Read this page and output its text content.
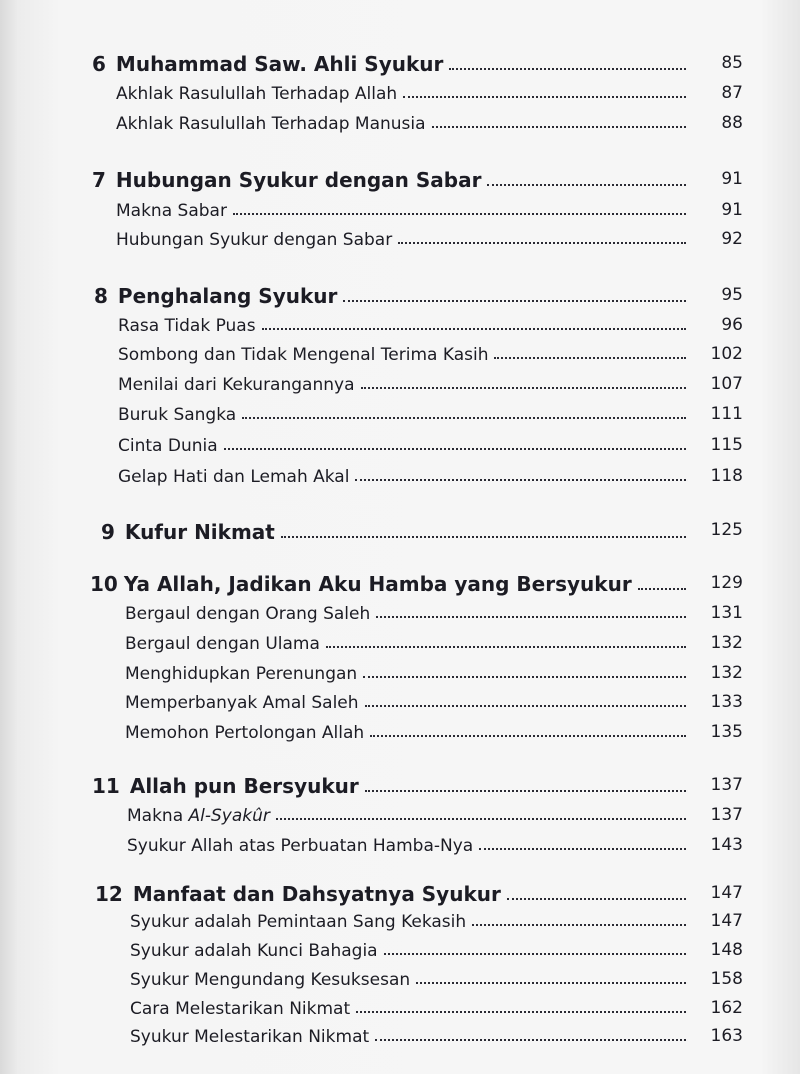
6 Muhammad Saw. Ahli Syukur	85
Akhlak Rasulullah Terhadap Allah	87
Akhlak Rasulullah Terhadap Manusia	88
7 Hubungan Syukur dengan Sabar	91
Makna Sabar	91
Hubungan Syukur dengan Sabar	92
8 Penghalang Syukur	95
Rasa Tidak Puas	96
Sombong dan Tidak Mengenal Terima Kasih	102
Menilai dari Kekurangannya	107
Buruk Sangka	111
Cinta Dunia	115
Gelap Hati dan Lemah Akal	118
9 Kufur Nikmat	125
10 Ya Allah, Jadikan Aku Hamba yang Bersyukur	129
Bergaul dengan Orang Saleh	131
Bergaul dengan Ulama	132
Menghidupkan Perenungan	132
Memperbanyak Amal Saleh	133
Memohon Pertolongan Allah	135
11 Allah pun Bersyukur	137
Makna Al-Syakûr	137
Syukur Allah atas Perbuatan Hamba-Nya	143
12 Manfaat dan Dahsyatnya Syukur	147
Syukur adalah Pemintaan Sang Kekasih	147
Syukur adalah Kunci Bahagia	148
Syukur Mengundang Kesuksesan	158
Cara Melestarikan Nikmat	162
Syukur Melestarikan Nikmat	163
